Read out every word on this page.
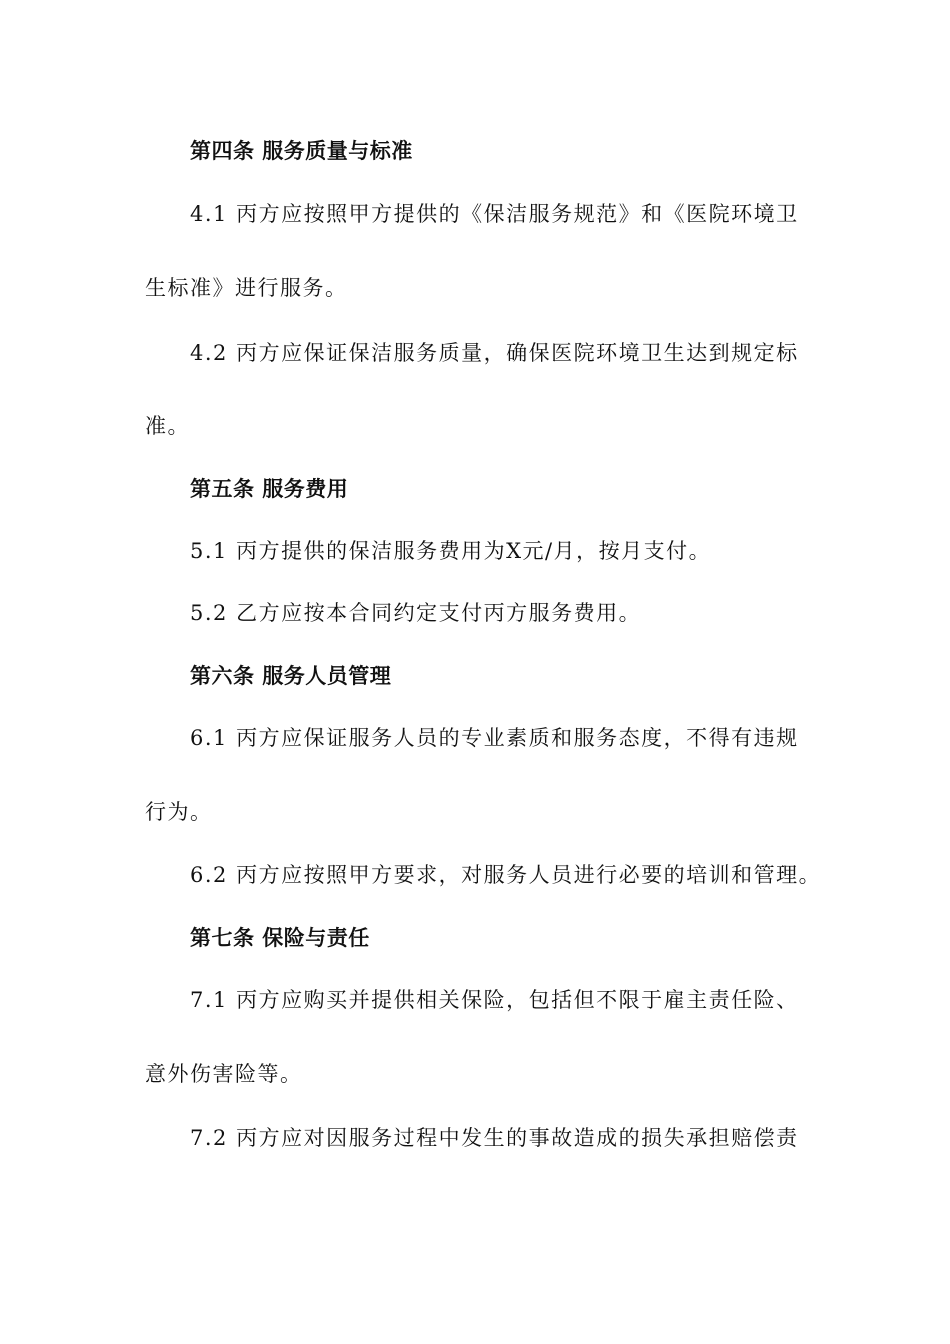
第四条 服务质量与标准
4.1 丙方应按照甲方提供的《保洁服务规范》和《医院环境卫
生标准》进行服务。
4.2 丙方应保证保洁服务质量，确保医院环境卫生达到规定标
准。
第五条 服务费用
5.1 丙方提供的保洁服务费用为X元/月，按月支付。
5.2 乙方应按本合同约定支付丙方服务费用。
第六条 服务人员管理
6.1 丙方应保证服务人员的专业素质和服务态度，不得有违规
行为。
6.2 丙方应按照甲方要求，对服务人员进行必要的培训和管理。
第七条 保险与责任
7.1 丙方应购买并提供相关保险，包括但不限于雇主责任险、
意外伤害险等。
7.2 丙方应对因服务过程中发生的事故造成的损失承担赔偿责
